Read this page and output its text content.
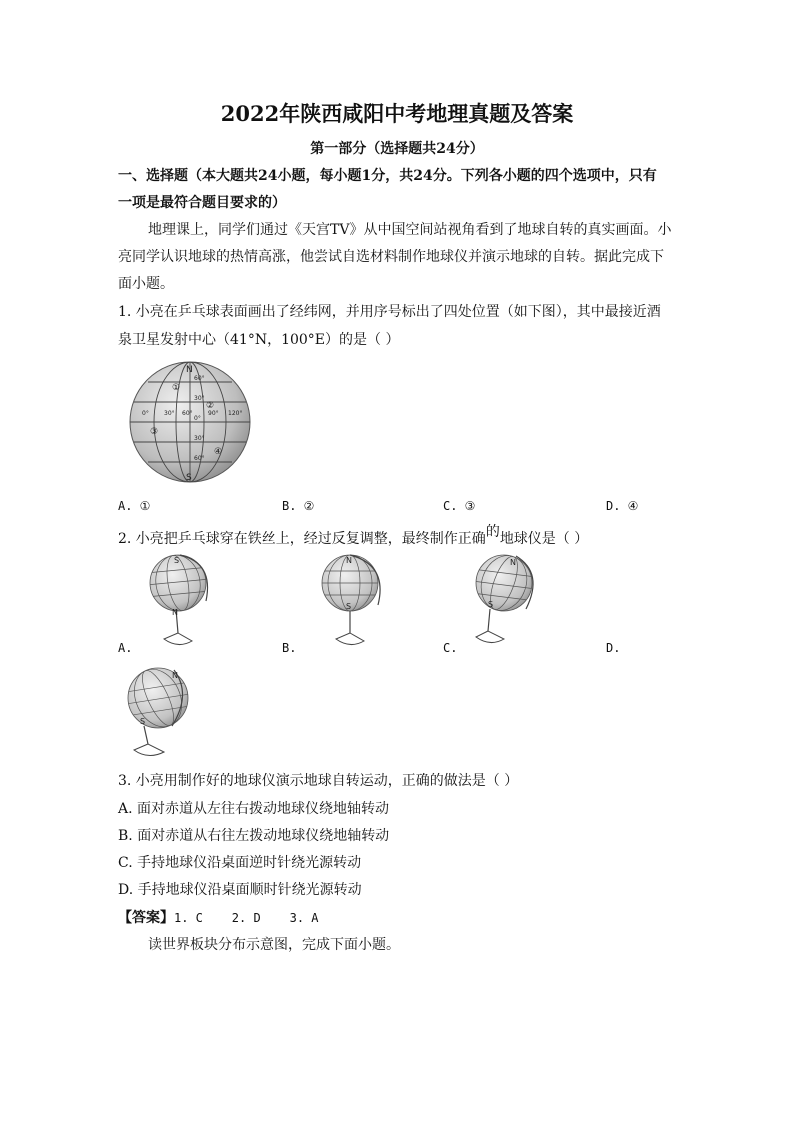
2022年陕西咸阳中考地理真题及答案
第一部分（选择题共24分）
一、选择题（本大题共24小题，每小题1分，共24分。下列各小题的四个选项中，只有
一项是最符合题目要求的）
地理课上，同学们通过《天宫TV》从中国空间站视角看到了地球自转的真实画面。小
亮同学认识地球的热情高涨，他尝试自选材料制作地球仪并演示地球的自转。据此完成下
面小题。
1. 小亮在乒乓球表面画出了经纬网，并用序号标出了四处位置（如下图），其中最接近酒
泉卫星发射中心（41°N，100°E）的是（ ）
N
S
0°	30° 60°	90° 120°
60°
30°
0°
30°
60°
①
②
③
④
A. ①	B. ②	C. ③	D. ④
2. 小亮把乒乓球穿在铁丝上，经过反复调整，最终制作正确的地球仪是（ ）
S
N
N
S
N
S
A.	B.	C.	D.
N
S
3. 小亮用制作好的地球仪演示地球自转运动，正确的做法是（ ）
A. 面对赤道从左往右拨动地球仪绕地轴转动
B. 面对赤道从右往左拨动地球仪绕地轴转动
C. 手持地球仪沿桌面逆时针绕光源转动
D. 手持地球仪沿桌面顺时针绕光源转动
【答案】1. C    2. D    3. A
读世界板块分布示意图，完成下面小题。
